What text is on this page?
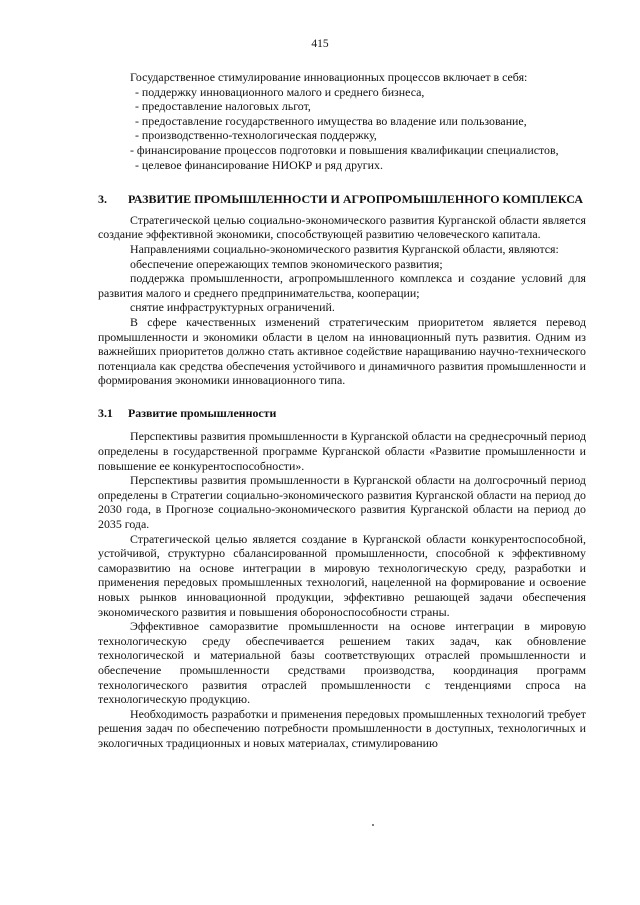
415

Государственное стимулирование инновационных процессов включает в себя:

- поддержку инновационного малого и среднего бизнеса,

- предоставление налоговых льгот,

- предоставление государственного имущества во владение или пользование,

- производственно-технологическая поддержку,

- финансирование процессов подготовки и повышения квалификации специалистов,

- целевое финансирование НИОКР и ряд других.

3. РАЗВИТИЕ ПРОМЫШЛЕННОСТИ И АГРОПРОМЫШЛЕННОГО КОМПЛЕКСА

Стратегической целью социально-экономического развития Курганской области является создание эффективной экономики, способствующей развитию человеческого капитала.

Направлениями социально-экономического развития Курганской области, являются:

обеспечение опережающих темпов экономического развития;

поддержка промышленности, агропромышленного комплекса и создание условий для развития малого и среднего предпринимательства, кооперации;

снятие инфраструктурных ограничений.

В сфере качественных изменений стратегическим приоритетом является перевод промышленности и экономики области в целом на инновационный путь развития. Одним из важнейших приоритетов должно стать активное содействие наращиванию научно-технического потенциала как средства обеспечения устойчивого и динамичного развития промышленности и формирования экономики инновационного типа.

3.1 Развитие промышленности

Перспективы развития промышленности в Курганской области на среднесрочный период определены в государственной программе Курганской области «Развитие промышленности и повышение ее конкурентоспособности».

Перспективы развития промышленности в Курганской области на долгосрочный период определены в Стратегии социально-экономического развития Курганской области на период до 2030 года, в Прогнозе социально-экономического развития Курганской области на период до 2035 года.

Стратегической целью является создание в Курганской области конкурентоспособной, устойчивой, структурно сбалансированной промышленности, способной к эффективному саморазвитию на основе интеграции в мировую технологическую среду, разработки и применения передовых промышленных технологий, нацеленной на формирование и освоение новых рынков инновационной продукции, эффективно решающей задачи обеспечения экономического развития и повышения обороноспособности страны.

Эффективное саморазвитие промышленности на основе интеграции в мировую технологическую среду обеспечивается решением таких задач, как обновление технологической и материальной базы соответствующих отраслей промышленности и обеспечение промышленности средствами производства, координация программ технологического развития отраслей промышленности с тенденциями спроса на технологическую продукцию.

Необходимость разработки и применения передовых промышленных технологий требует решения задач по обеспечению потребности промышленности в доступных, технологичных и экологичных традиционных и новых материалах, стимулированию
